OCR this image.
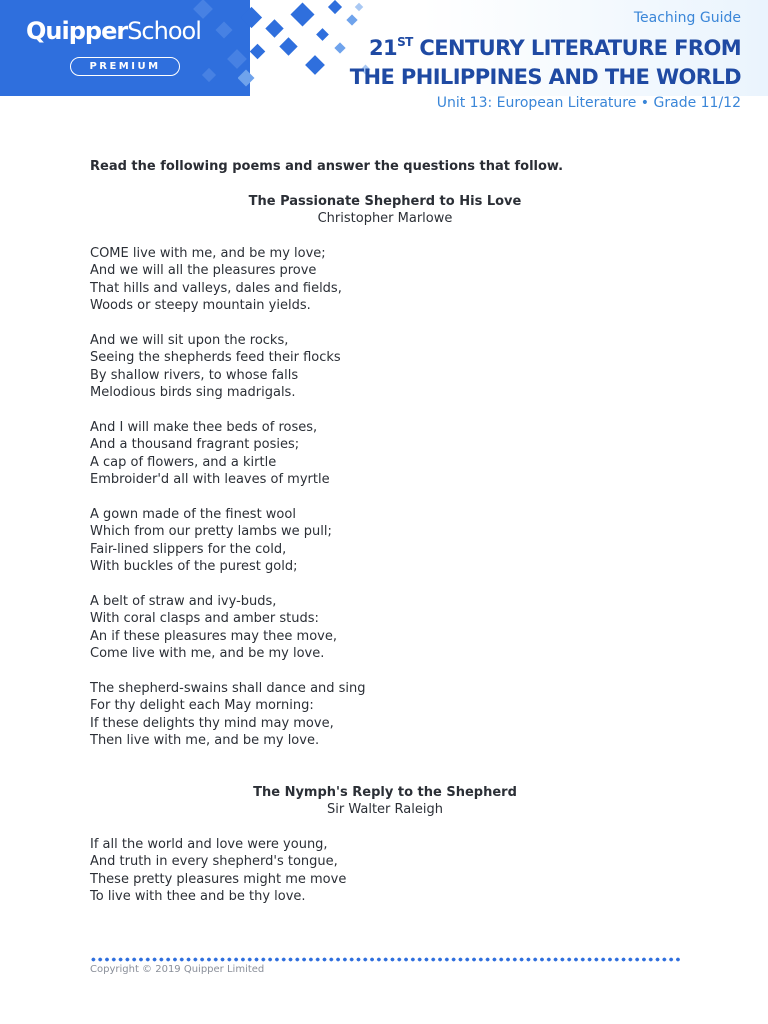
QuipperSchool
PREMIUM
Teaching Guide
21ST CENTURY LITERATURE FROM
THE PHILIPPINES AND THE WORLD
Unit 13: European Literature • Grade 11/12

Read the following poems and answer the questions that follow.

The Passionate Shepherd to His Love

Christopher Marlowe

COME live with me, and be my love;
And we will all the pleasures prove
That hills and valleys, dales and fields,
Woods or steepy mountain yields.
And we will sit upon the rocks,
Seeing the shepherds feed their flocks
By shallow rivers, to whose falls
Melodious birds sing madrigals.
And I will make thee beds of roses,
And a thousand fragrant posies;
A cap of flowers, and a kirtle
Embroider'd all with leaves of myrtle
A gown made of the finest wool
Which from our pretty lambs we pull;
Fair-lined slippers for the cold,
With buckles of the purest gold;
A belt of straw and ivy-buds,
With coral clasps and amber studs:
An if these pleasures may thee move,
Come live with me, and be my love.
The shepherd-swains shall dance and sing
For thy delight each May morning:
If these delights thy mind may move,
Then live with me, and be my love.

The Nymph's Reply to the Shepherd

Sir Walter Raleigh

If all the world and love were young,
And truth in every shepherd's tongue,
These pretty pleasures might me move
To live with thee and be thy love.
Copyright © 2019 Quipper Limited
